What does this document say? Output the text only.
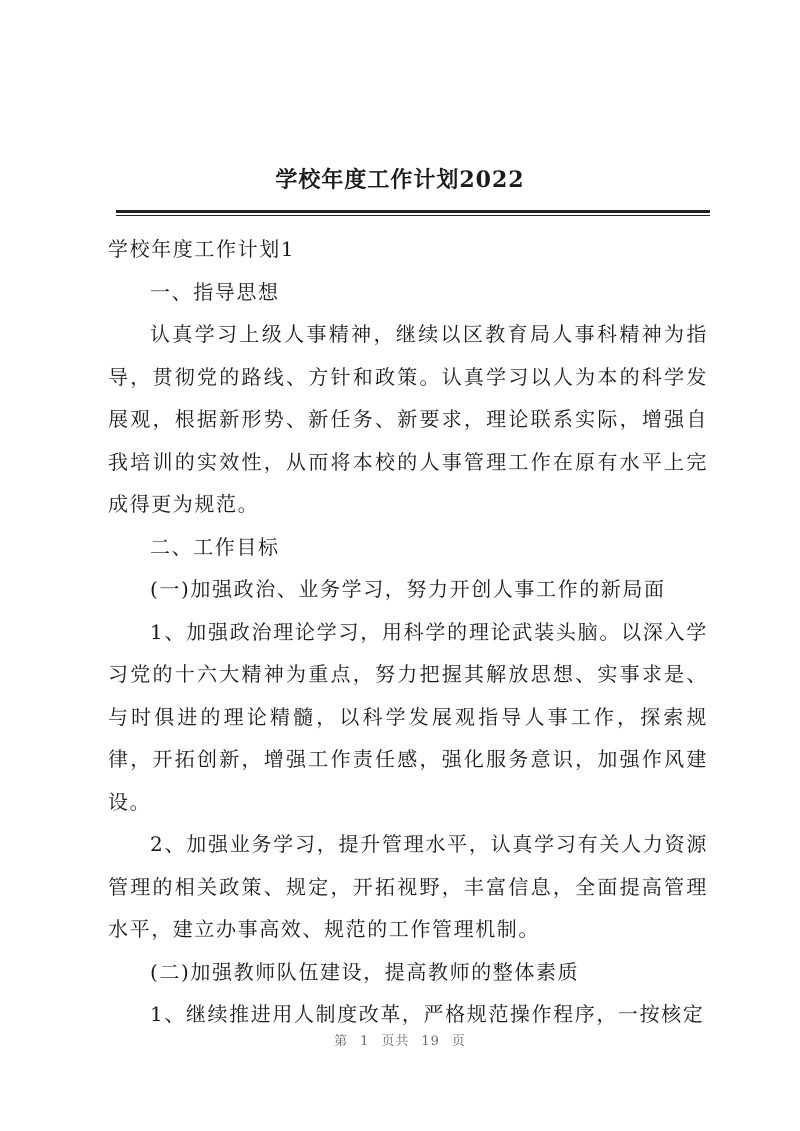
学校年度工作计划2022

学校年度工作计划1

一、指导思想

认真学习上级人事精神，继续以区教育局人事科精神为指导，贯彻党的路线、方针和政策。认真学习以人为本的科学发展观，根据新形势、新任务、新要求，理论联系实际，增强自我培训的实效性，从而将本校的人事管理工作在原有水平上完成得更为规范。

二、工作目标

(一)加强政治、业务学习，努力开创人事工作的新局面

1、加强政治理论学习，用科学的理论武装头脑。以深入学习党的十六大精神为重点，努力把握其解放思想、实事求是、与时俱进的理论精髓，以科学发展观指导人事工作，探索规律，开拓创新，增强工作责任感，强化服务意识，加强作风建设。

2、加强业务学习，提升管理水平，认真学习有关人力资源管理的相关政策、规定，开拓视野，丰富信息，全面提高管理水平，建立办事高效、规范的工作管理机制。

(二)加强教师队伍建设，提高教师的整体素质

1、继续推进用人制度改革，严格规范操作程序，一按核定

第 1 页共 19 页
